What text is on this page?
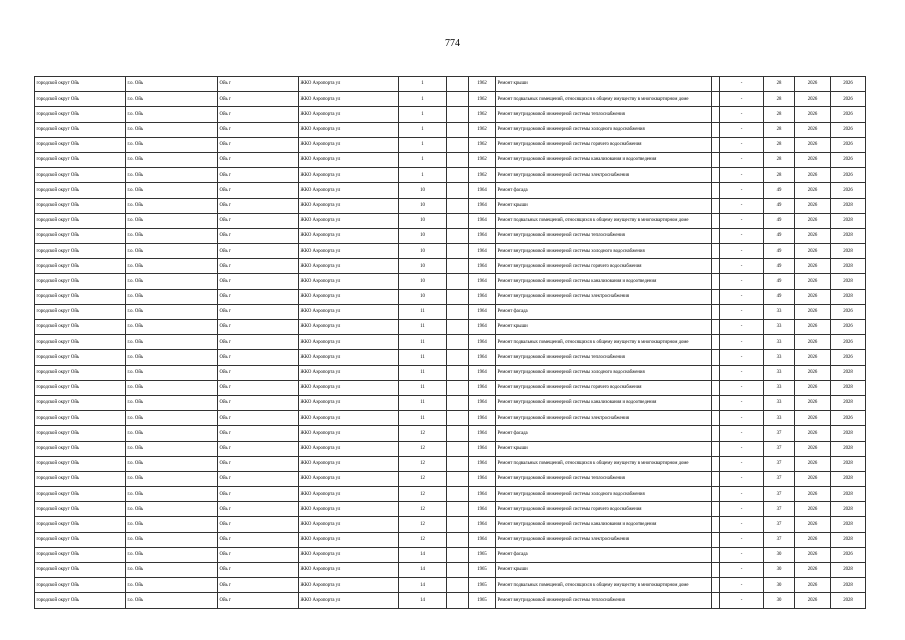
774
городской округ Ойь	г.о. Ойь	Ойь г	ЖКО Аэропорта ул	1		1962	Ремонт крыши		-	28	2026	2026
городской округ Ойь	г.о. Ойь	Ойь г	ЖКО Аэропорта ул	1		1962	Ремонт подвальных помещений, относящихся к общему имуществу в многоквартирном доме		-	28	2026	2026
городской округ Ойь	г.о. Ойь	Ойь г	ЖКО Аэропорта ул	1		1962	Ремонт внутридомовой инженерной системы теплоснабжения		-	28	2026	2026
городской округ Ойь	г.о. Ойь	Ойь г	ЖКО Аэропорта ул	1		1962	Ремонт внутридомовой инженерной системы холодного водоснабжения		-	28	2026	2026
городской округ Ойь	г.о. Ойь	Ойь г	ЖКО Аэропорта ул	1		1962	Ремонт внутридомовой инженерной системы горячего водоснабжения		-	28	2026	2026
городской округ Ойь	г.о. Ойь	Ойь г	ЖКО Аэропорта ул	1		1962	Ремонт внутридомовой инженерной системы канализования и водоотведения		-	28	2026	2026
городской округ Ойь	г.о. Ойь	Ойь г	ЖКО Аэропорта ул	1		1962	Ремонт внутридомовой инженерной системы электроснабжения		-	28	2026	2026
городской округ Ойь	г.о. Ойь	Ойь г	ЖКО Аэропорта ул	10		1964	Ремонт фасада		-	49	2026	2026
городской округ Ойь	г.о. Ойь	Ойь г	ЖКО Аэропорта ул	10		1964	Ремонт крыши		-	49	2026	2028
городской округ Ойь	г.о. Ойь	Ойь г	ЖКО Аэропорта ул	10		1964	Ремонт подвальных помещений, относящихся к общему имуществу в многоквартирном доме		-	49	2026	2028
городской округ Ойь	г.о. Ойь	Ойь г	ЖКО Аэропорта ул	10		1964	Ремонт внутридомовой инженерной системы теплоснабжения		-	49	2026	2028
городской округ Ойь	г.о. Ойь	Ойь г	ЖКО Аэропорта ул	10		1964	Ремонт внутридомовой инженерной системы холодного водоснабжения		-	49	2026	2028
городской округ Ойь	г.о. Ойь	Ойь г	ЖКО Аэропорта ул	10		1964	Ремонт внутридомовой инженерной системы горячего водоснабжения		-	49	2026	2028
городской округ Ойь	г.о. Ойь	Ойь г	ЖКО Аэропорта ул	10		1964	Ремонт внутридомовой инженерной системы канализования и водоотведения		-	49	2026	2028
городской округ Ойь	г.о. Ойь	Ойь г	ЖКО Аэропорта ул	10		1964	Ремонт внутридомовой инженерной системы электроснабжения		-	49	2026	2028
городской округ Ойь	г.о. Ойь	Ойь г	ЖКО Аэропорта ул	11		1964	Ремонт фасада		-	33	2026	2026
городской округ Ойь	г.о. Ойь	Ойь г	ЖКО Аэропорта ул	11		1964	Ремонт крыши		-	33	2026	2026
городской округ Ойь	г.о. Ойь	Ойь г	ЖКО Аэропорта ул	11		1964	Ремонт подвальных помещений, относящихся к общему имуществу в многоквартирном доме		-	33	2026	2026
городской округ Ойь	г.о. Ойь	Ойь г	ЖКО Аэропорта ул	11		1964	Ремонт внутридомовой инженерной системы теплоснабжения		-	33	2026	2026
городской округ Ойь	г.о. Ойь	Ойь г	ЖКО Аэропорта ул	11		1964	Ремонт внутридомовой инженерной системы холодного водоснабжения		-	33	2026	2028
городской округ Ойь	г.о. Ойь	Ойь г	ЖКО Аэропорта ул	11		1964	Ремонт внутридомовой инженерной системы горячего водоснабжения		-	33	2026	2028
городской округ Ойь	г.о. Ойь	Ойь г	ЖКО Аэропорта ул	11		1964	Ремонт внутридомовой инженерной системы канализования и водоотведения		-	33	2026	2028
городской округ Ойь	г.о. Ойь	Ойь г	ЖКО Аэропорта ул	11		1964	Ремонт внутридомовой инженерной системы электроснабжения		-	33	2026	2026
городской округ Ойь	г.о. Ойь	Ойь г	ЖКО Аэропорта ул	12		1964	Ремонт фасада		-	37	2026	2028
городской округ Ойь	г.о. Ойь	Ойь г	ЖКО Аэропорта ул	12		1964	Ремонт крыши		-	37	2026	2028
городской округ Ойь	г.о. Ойь	Ойь г	ЖКО Аэропорта ул	12		1964	Ремонт подвальных помещений, относящихся к общему имуществу в многоквартирном доме		-	37	2026	2028
городской округ Ойь	г.о. Ойь	Ойь г	ЖКО Аэропорта ул	12		1964	Ремонт внутридомовой инженерной системы теплоснабжения		-	37	2026	2028
городской округ Ойь	г.о. Ойь	Ойь г	ЖКО Аэропорта ул	12		1964	Ремонт внутридомовой инженерной системы холодного водоснабжения		-	37	2026	2028
городской округ Ойь	г.о. Ойь	Ойь г	ЖКО Аэропорта ул	12		1964	Ремонт внутридомовой инженерной системы горячего водоснабжения		-	37	2026	2028
городской округ Ойь	г.о. Ойь	Ойь г	ЖКО Аэропорта ул	12		1964	Ремонт внутридомовой инженерной системы канализования и водоотведения		-	37	2026	2028
городской округ Ойь	г.о. Ойь	Ойь г	ЖКО Аэропорта ул	12		1964	Ремонт внутридомовой инженерной системы электроснабжения		-	37	2026	2028
городской округ Ойь	г.о. Ойь	Ойь г	ЖКО Аэропорта ул	14		1965	Ремонт фасада		-	30	2026	2026
городской округ Ойь	г.о. Ойь	Ойь г	ЖКО Аэропорта ул	14		1965	Ремонт крыши		-	30	2026	2028
городской округ Ойь	г.о. Ойь	Ойь г	ЖКО Аэропорта ул	14		1965	Ремонт подвальных помещений, относящихся к общему имуществу в многоквартирном доме		-	30	2026	2028
городской округ Ойь	г.о. Ойь	Ойь г	ЖКО Аэропорта ул	14		1965	Ремонт внутридомовой инженерной системы теплоснабжения		-	30	2026	2028
